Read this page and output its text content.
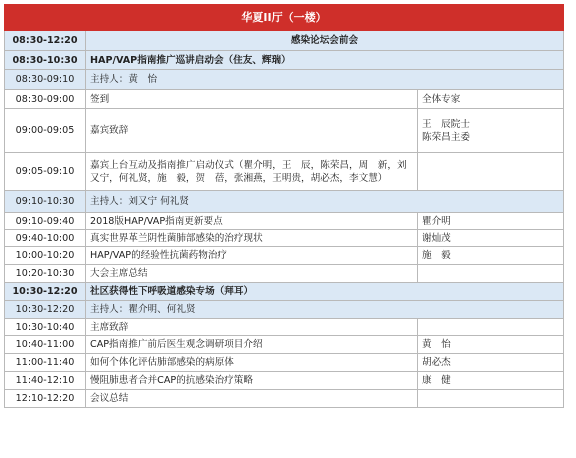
华夏II厅（一楼）		
08:30-12:20	感染论坛会前会	
08:30-10:30	HAP/VAP指南推广巡讲启动会（住友、辉瑞）	
08:30-09:10	主持人：黄　怡	
08:30-09:00	签到	全体专家

09:00-09:05	嘉宾致辞	王　辰院士
陈荣昌主委

09:05-09:10	嘉宾上台互动及指南推广启动仪式（瞿介明，王　辰，陈荣昌，周　新，刘又宁，何礼贤，施　毅，贺　蓓，张湘燕，王明贵，胡必杰，李文慧）	
09:10-10:30	主持人：刘又宁 何礼贤	
09:10-09:40	2018版HAP/VAP指南更新要点	瞿介明

09:40-10:00	真实世界革兰阴性菌肺部感染的治疗现状	谢灿茂

10:00-10:20	HAP/VAP的经验性抗菌药物治疗	施　毅

10:20-10:30	大会主席总结	
10:30-12:20	社区获得性下呼吸道感染专场（拜耳）	
10:30-12:20	主持人：瞿介明、何礼贤	
10:30-10:40	主席致辞	
10:40-11:00	CAP指南推广前后医生观念调研项目介绍	黄　怡

11:00-11:40	如何个体化评估肺部感染的病原体	胡必杰

11:40-12:10	慢阻肺患者合并CAP的抗感染治疗策略	康　健

12:10-12:20	会议总结	
